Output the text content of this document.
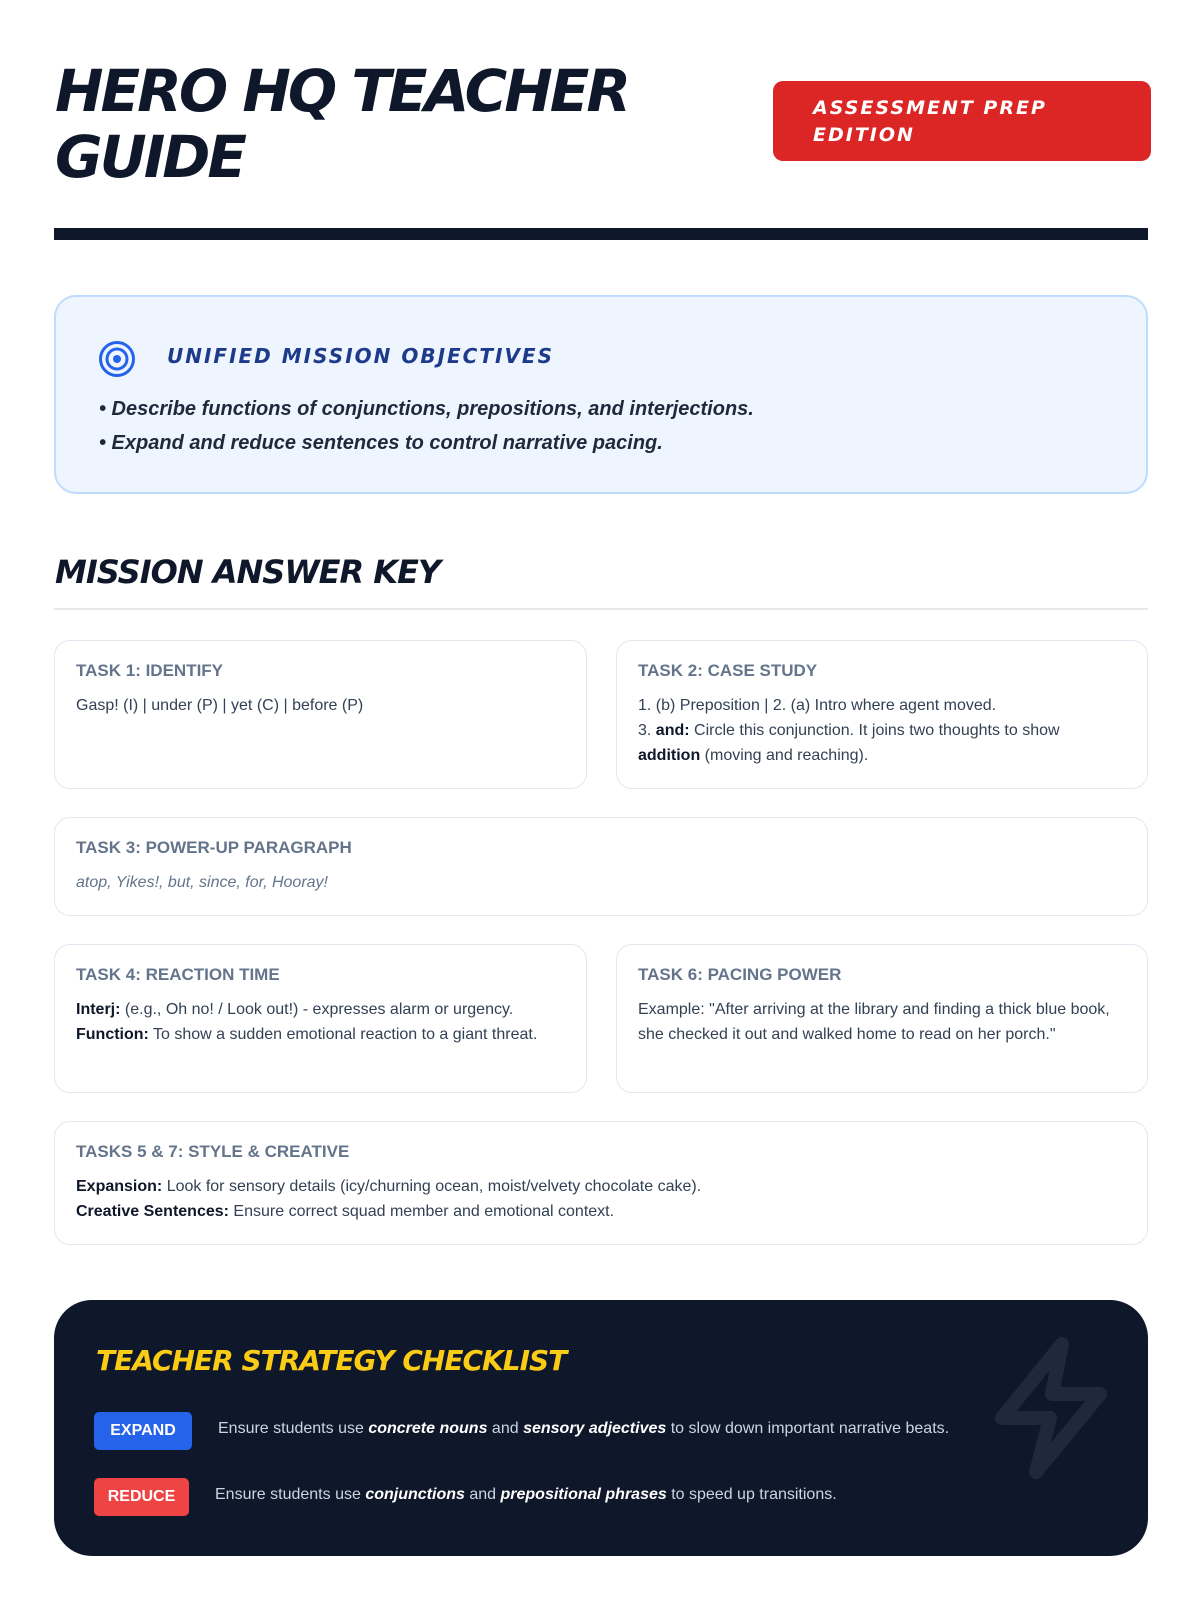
HERO HQ TEACHER GUIDE
ASSESSMENT PREP EDITION
UNIFIED MISSION OBJECTIVES
• Describe functions of conjunctions, prepositions, and interjections.
• Expand and reduce sentences to control narrative pacing.
MISSION ANSWER KEY
TASK 1: IDENTIFY
Gasp! (I) | under (P) | yet (C) | before (P)
TASK 2: CASE STUDY
1. (b) Preposition | 2. (a) Intro where agent moved.
3. and: Circle this conjunction. It joins two thoughts to show
addition (moving and reaching).
TASK 3: POWER-UP PARAGRAPH
atop, Yikes!, but, since, for, Hooray!
TASK 4: REACTION TIME
Interj: (e.g., Oh no! / Look out!) - expresses alarm or urgency.
Function: To show a sudden emotional reaction to a giant threat.
TASK 6: PACING POWER
Example: "After arriving at the library and finding a thick blue book, she checked it out and walked home to read on her porch."
TASKS 5 & 7: STYLE & CREATIVE
Expansion: Look for sensory details (icy/churning ocean, moist/velvety chocolate cake).
Creative Sentences: Ensure correct squad member and emotional context.
TEACHER STRATEGY CHECKLIST
EXPAND	Ensure students use concrete nouns and sensory adjectives to slow down important narrative beats.
REDUCE	Ensure students use conjunctions and prepositional phrases to speed up transitions.
